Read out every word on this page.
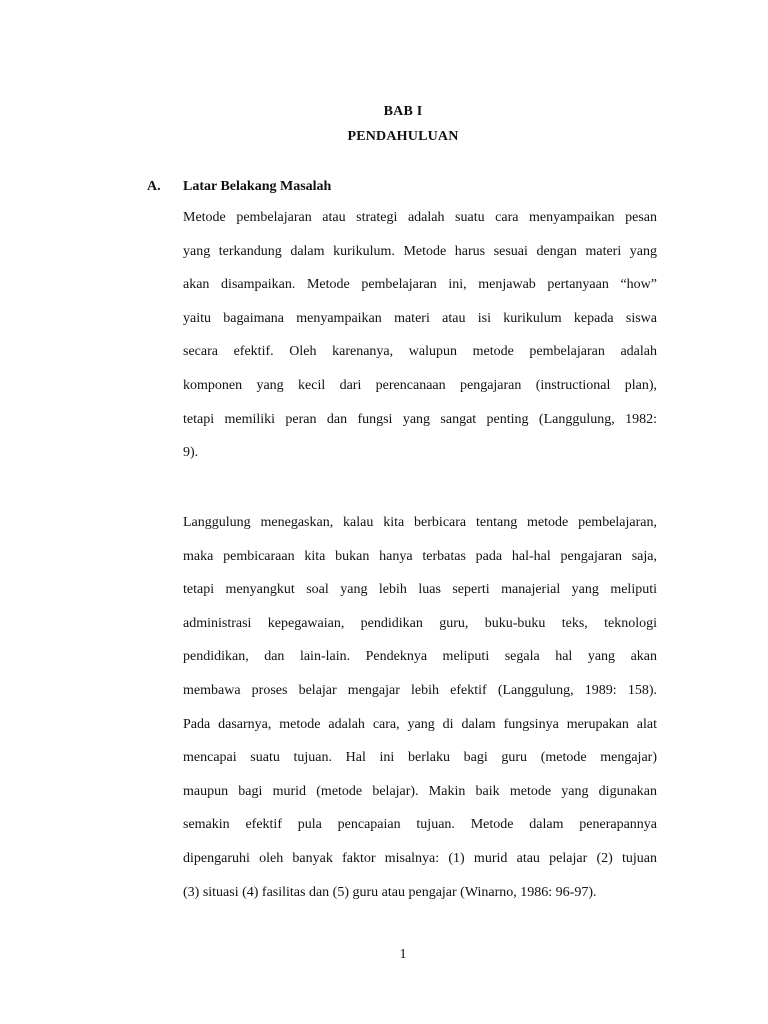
BAB I
PENDAHULUAN
A. Latar Belakang Masalah
Metode pembelajaran atau strategi adalah suatu cara menyampaikan pesan
yang terkandung dalam kurikulum. Metode harus sesuai dengan materi yang
akan disampaikan. Metode pembelajaran ini, menjawab pertanyaan “how”
yaitu bagaimana menyampaikan materi atau isi kurikulum kepada siswa
secara efektif. Oleh karenanya, walupun metode pembelajaran adalah
komponen yang kecil dari perencanaan pengajaran (instructional plan),
tetapi memiliki peran dan fungsi yang sangat penting (Langgulung, 1982:
9).
Langgulung menegaskan, kalau kita berbicara tentang metode pembelajaran,
maka pembicaraan kita bukan hanya terbatas pada hal-hal pengajaran saja,
tetapi menyangkut soal yang lebih luas seperti manajerial yang meliputi
administrasi kepegawaian, pendidikan guru, buku-buku teks, teknologi
pendidikan, dan lain-lain. Pendeknya meliputi segala hal yang akan
membawa proses belajar mengajar lebih efektif (Langgulung, 1989: 158).
Pada dasarnya, metode adalah cara, yang di dalam fungsinya merupakan alat
mencapai suatu tujuan. Hal ini berlaku bagi guru (metode mengajar)
maupun bagi murid (metode belajar). Makin baik metode yang digunakan
semakin efektif pula pencapaian tujuan. Metode dalam penerapannya
dipengaruhi oleh banyak faktor misalnya: (1) murid atau pelajar (2) tujuan
(3) situasi (4) fasilitas dan (5) guru atau pengajar (Winarno, 1986: 96-97).
1
